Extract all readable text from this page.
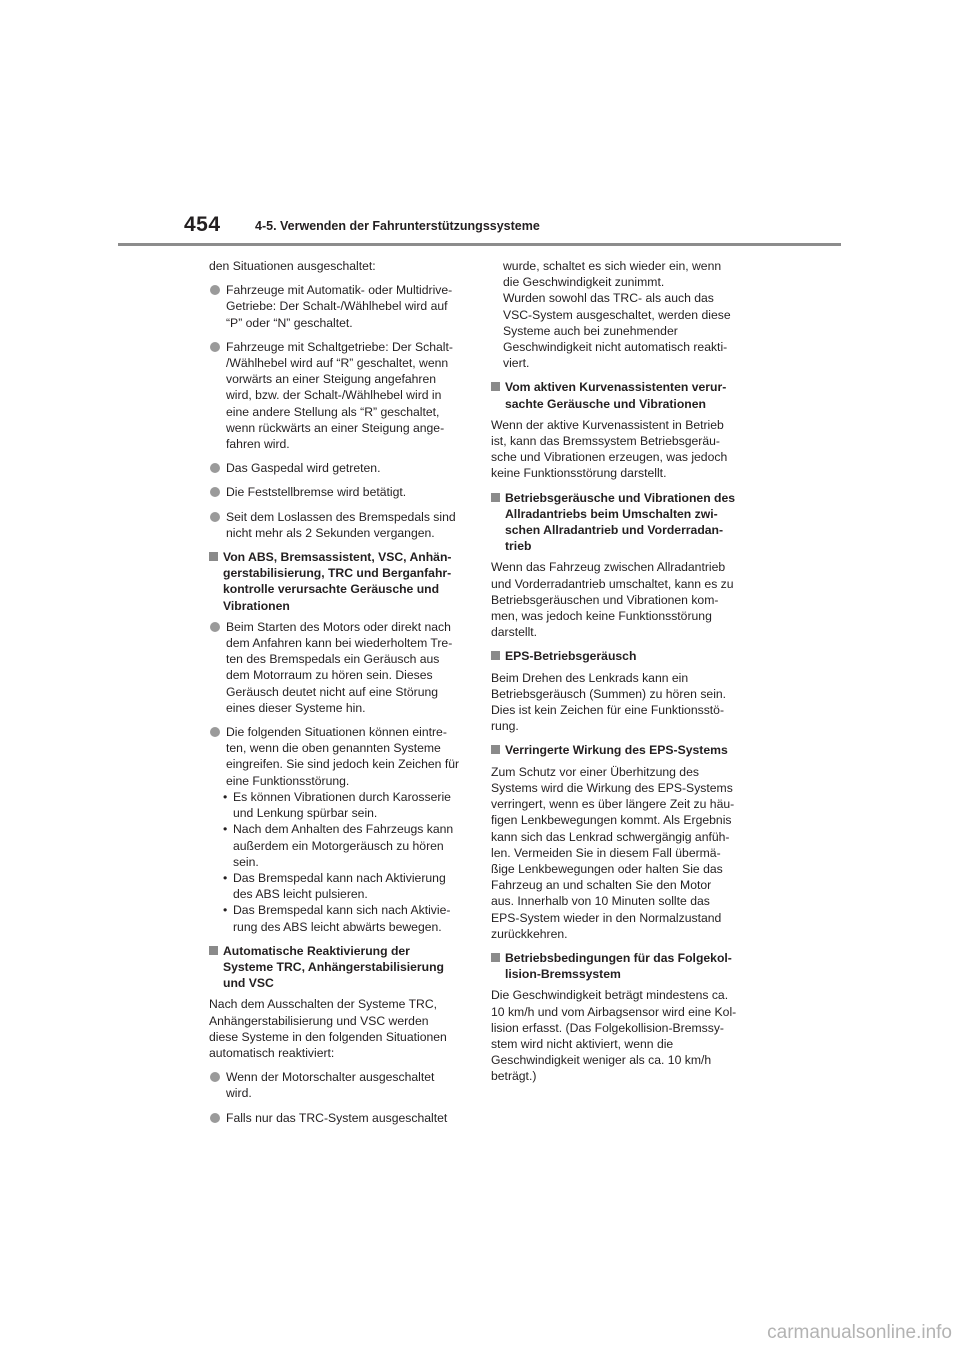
454	4-5. Verwenden der Fahrunterstützungssysteme

den Situationen ausgeschaltet:

Fahrzeuge mit Automatik- oder Multidrive-
Getriebe: Der Schalt-/Wählhebel wird auf
“P” oder “N” geschaltet.
Fahrzeuge mit Schaltgetriebe: Der Schalt-
/Wählhebel wird auf “R” geschaltet, wenn
vorwärts an einer Steigung angefahren
wird, bzw. der Schalt-/Wählhebel wird in
eine andere Stellung als “R” geschaltet,
wenn rückwärts an einer Steigung ange-
fahren wird.
Das Gaspedal wird getreten.
Die Feststellbremse wird betätigt.
Seit dem Loslassen des Bremspedals sind
nicht mehr als 2 Sekunden vergangen.
Von ABS, Bremsassistent, VSC, Anhän-
gerstabilisierung, TRC und Berganfahr-
kontrolle verursachte Geräusche und
Vibrationen
Beim Starten des Motors oder direkt nach
dem Anfahren kann bei wiederholtem Tre-
ten des Bremspedals ein Geräusch aus
dem Motorraum zu hören sein. Dieses
Geräusch deutet nicht auf eine Störung
eines dieser Systeme hin.
Die folgenden Situationen können eintre-
ten, wenn die oben genannten Systeme
eingreifen. Sie sind jedoch kein Zeichen für
eine Funktionsstörung.
• Es können Vibrationen durch Karosserie
und Lenkung spürbar sein.
• Nach dem Anhalten des Fahrzeugs kann
außerdem ein Motorgeräusch zu hören
sein.
• Das Bremspedal kann nach Aktivierung
des ABS leicht pulsieren.
• Das Bremspedal kann sich nach Aktivie-
rung des ABS leicht abwärts bewegen.
Automatische Reaktivierung der
Systeme TRC, Anhängerstabilisierung
und VSC

Nach dem Ausschalten der Systeme TRC,
Anhängerstabilisierung und VSC werden
diese Systeme in den folgenden Situationen
automatisch reaktiviert:

Wenn der Motorschalter ausgeschaltet
wird.
Falls nur das TRC-System ausgeschaltet

wurde, schaltet es sich wieder ein, wenn
die Geschwindigkeit zunimmt.
Wurden sowohl das TRC- als auch das
VSC-System ausgeschaltet, werden diese
Systeme auch bei zunehmender
Geschwindigkeit nicht automatisch reakti-
viert.

Vom aktiven Kurvenassistenten verur-
sachte Geräusche und Vibrationen

Wenn der aktive Kurvenassistent in Betrieb
ist, kann das Bremssystem Betriebsgeräu-
sche und Vibrationen erzeugen, was jedoch
keine Funktionsstörung darstellt.

Betriebsgeräusche und Vibrationen des
Allradantriebs beim Umschalten zwi-
schen Allradantrieb und Vorderradan-
trieb

Wenn das Fahrzeug zwischen Allradantrieb
und Vorderradantrieb umschaltet, kann es zu
Betriebsgeräuschen und Vibrationen kom-
men, was jedoch keine Funktionsstörung
darstellt.

EPS-Betriebsgeräusch

Beim Drehen des Lenkrads kann ein
Betriebsgeräusch (Summen) zu hören sein.
Dies ist kein Zeichen für eine Funktionsstö-
rung.

Verringerte Wirkung des EPS-Systems

Zum Schutz vor einer Überhitzung des
Systems wird die Wirkung des EPS-Systems
verringert, wenn es über längere Zeit zu häu-
figen Lenkbewegungen kommt. Als Ergebnis
kann sich das Lenkrad schwergängig anfüh-
len. Vermeiden Sie in diesem Fall übermä-
ßige Lenkbewegungen oder halten Sie das
Fahrzeug an und schalten Sie den Motor
aus. Innerhalb von 10 Minuten sollte das
EPS-System wieder in den Normalzustand
zurückkehren.

Betriebsbedingungen für das Folgekol-
lision-Bremssystem

Die Geschwindigkeit beträgt mindestens ca.
10 km/h und vom Airbagsensor wird eine Kol-
lision erfasst. (Das Folgekollision-Bremssy-
stem wird nicht aktiviert, wenn die
Geschwindigkeit weniger als ca. 10 km/h
beträgt.)

carmanualsonline.info
